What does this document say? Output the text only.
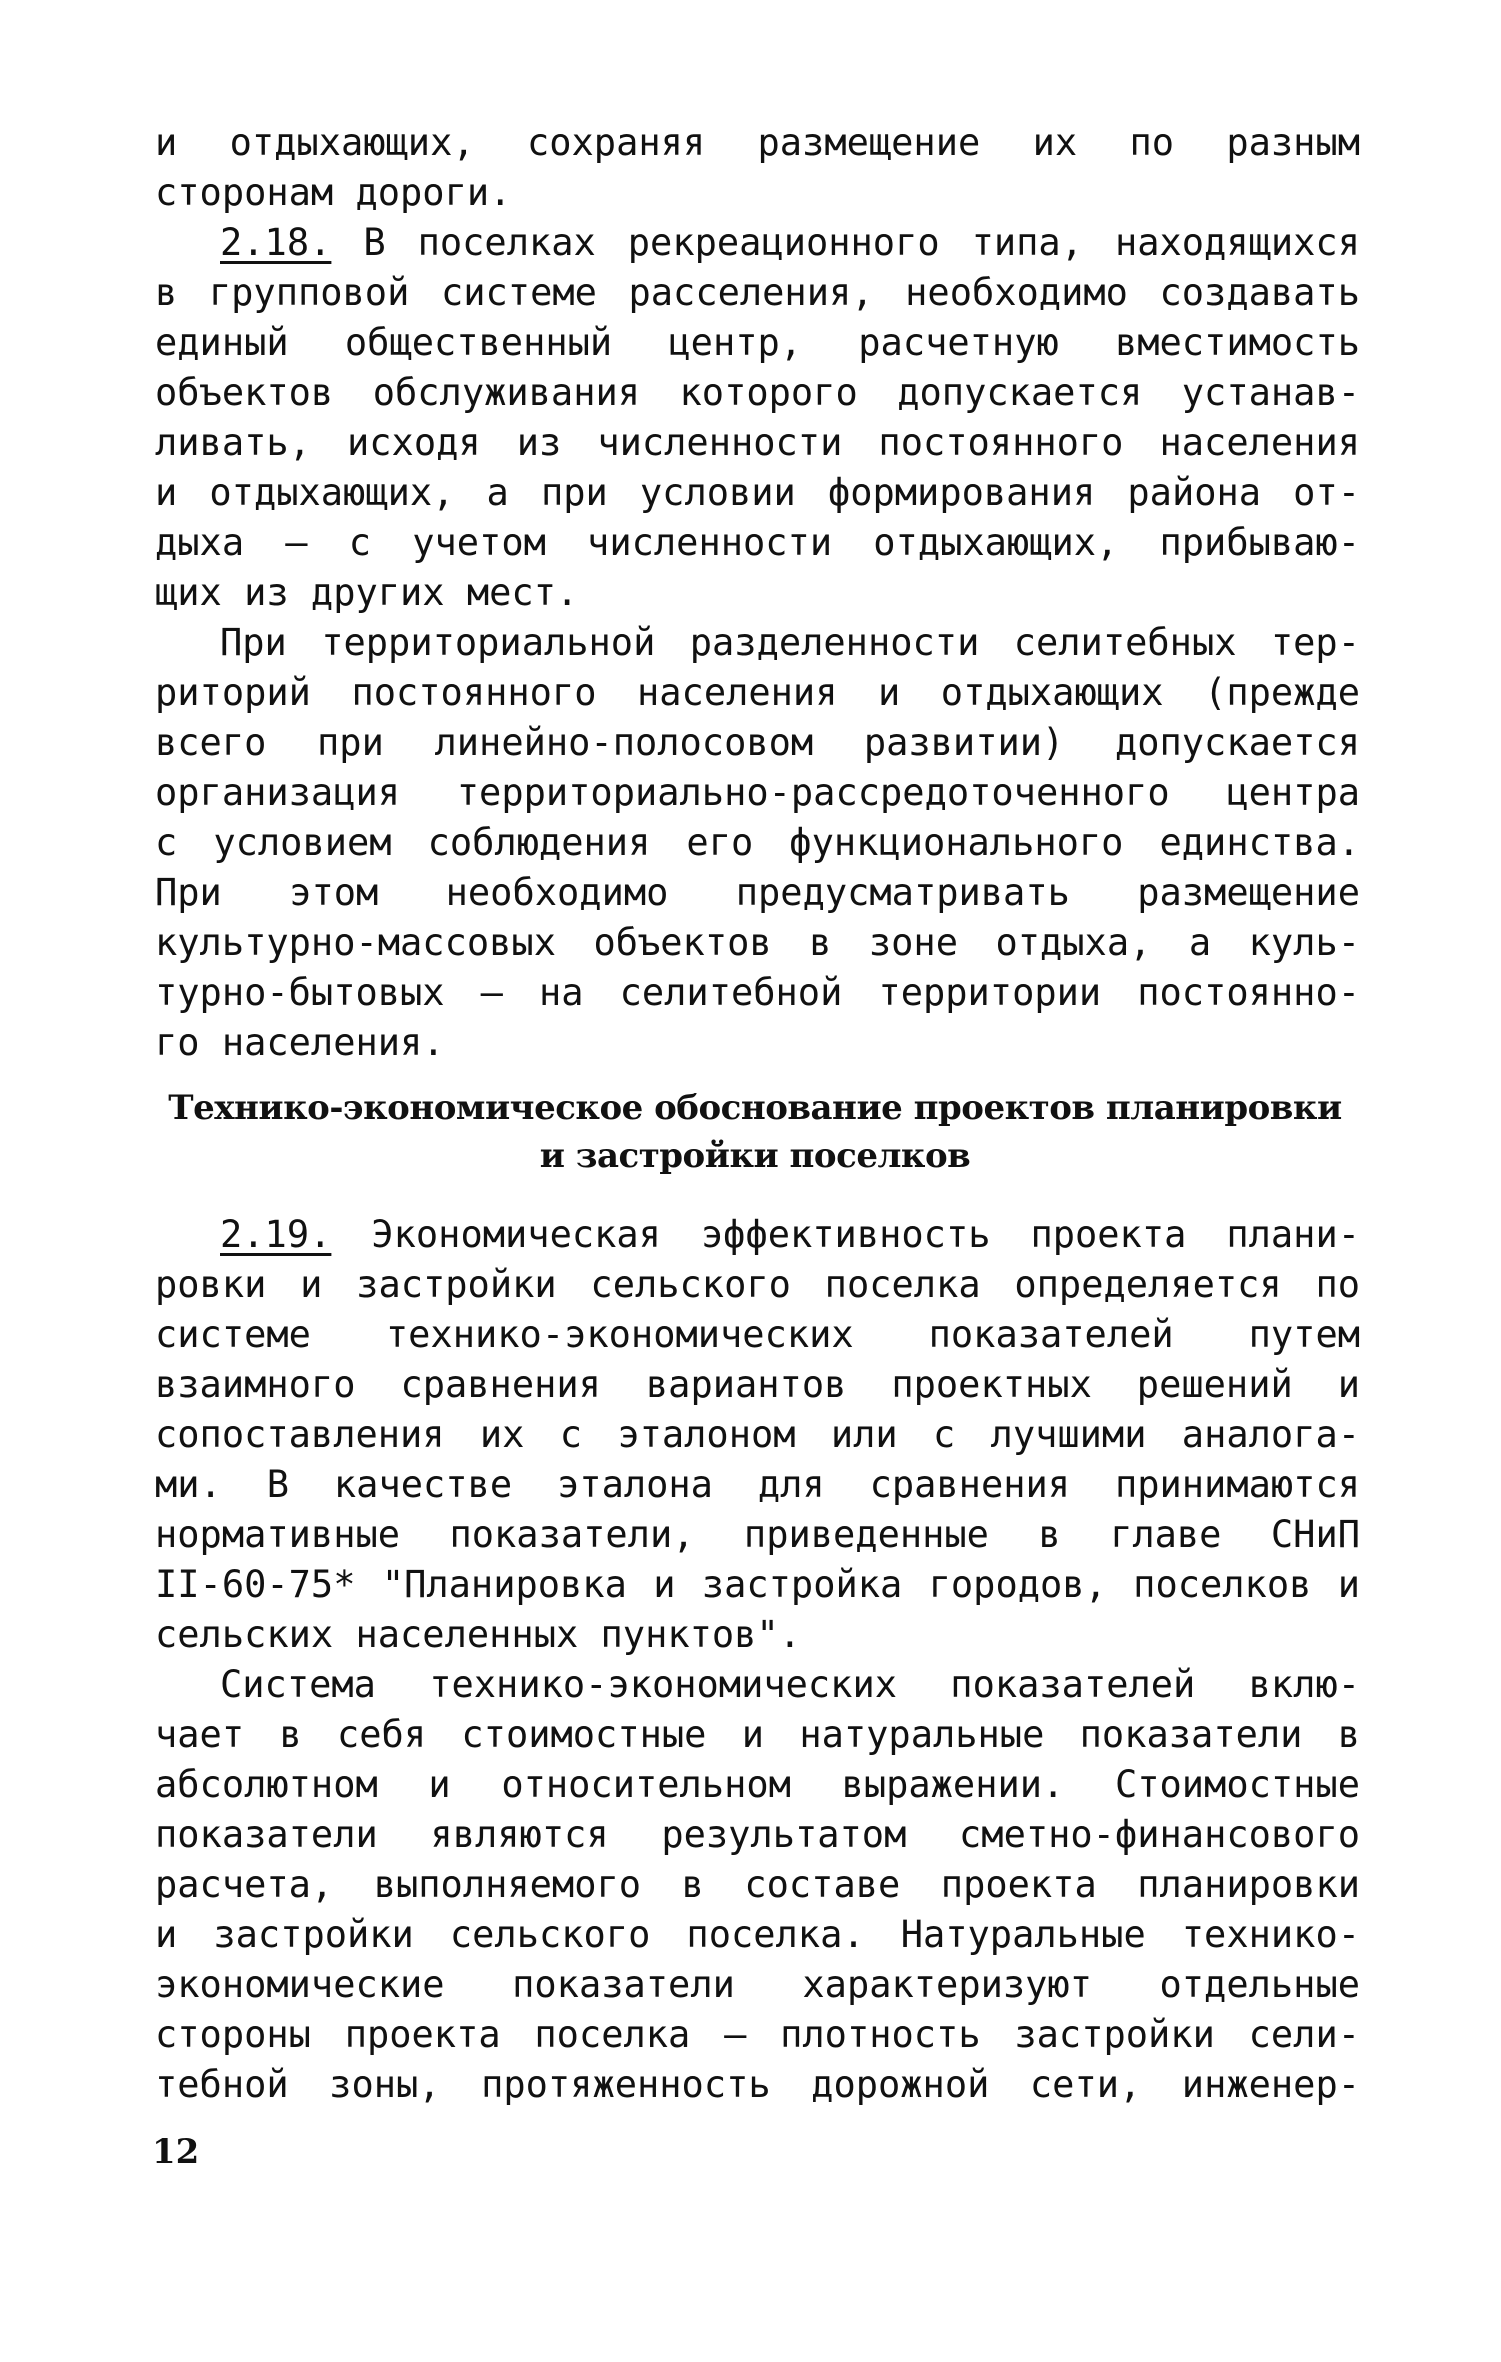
и отдыхающих, сохраняя размещение их по разным
сторонам дороги.
2.18. В поселках рекреационного типа, находящихся
в групповой системе расселения, необходимо создавать
единый общественный центр, расчетную вместимость
объектов обслуживания которого допускается устанав-
ливать, исходя из численности постоянного населения
и отдыхающих, а при условии формирования района от-
дыха – с учетом численности отдыхающих, прибываю-
щих из других мест.
При территориальной разделенности селитебных тер-
риторий постоянного населения и отдыхающих (прежде
всего при линейно-полосовом развитии) допускается
организация территориально-рассредоточенного центра
с условием соблюдения его функционального единства.
При этом необходимо предусматривать размещение
культурно-массовых объектов в зоне отдыха, а куль-
турно-бытовых – на селитебной территории постоянно-
го населения.
Технико-экономическое обоснование проектов планировки
и застройки поселков
2.19. Экономическая эффективность проекта плани-
ровки и застройки сельского поселка определяется по
системе технико-экономических показателей путем
взаимного сравнения вариантов проектных решений и
сопоставления их с эталоном или с лучшими аналога-
ми. В качестве эталона для сравнения принимаются
нормативные показатели, приведенные в главе СНиП
II-60-75* "Планировка и застройка городов, поселков и
сельских населенных пунктов".
Система технико-экономических показателей вклю-
чает в себя стоимостные и натуральные показатели в
абсолютном и относительном выражении. Стоимостные
показатели являются результатом сметно-финансового
расчета, выполняемого в составе проекта планировки
и застройки сельского поселка. Натуральные технико-
экономические показатели характеризуют отдельные
стороны проекта поселка – плотность застройки сели-
тебной зоны, протяженность дорожной сети, инженер-
12
